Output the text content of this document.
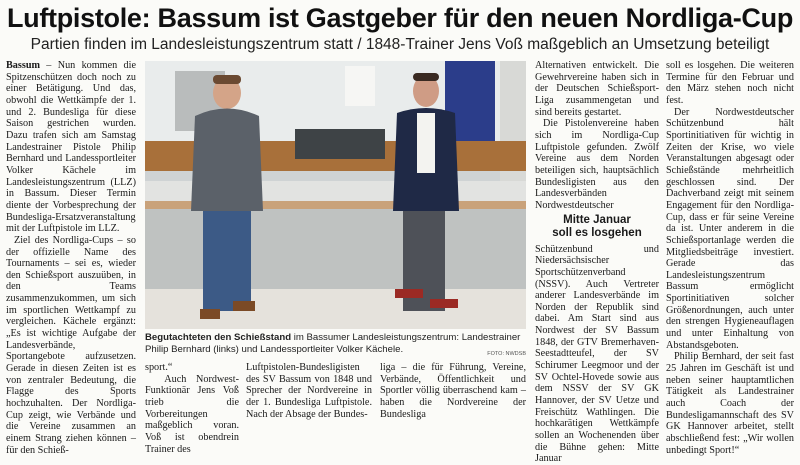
Luftpistole: Bassum ist Gastgeber für den neuen Nordliga-Cup
Partien finden im Landesleistungszentrum statt / 1848-Trainer Jens Voß maßgeblich an Umsetzung beteiligt

Bassum – Nun kommen die Spitzenschützen doch noch zu einer Betätigung. Und das, obwohl die Wettkämpfe der 1. und 2. Bundesliga für diese Saison gestrichen wurden. Dazu trafen sich am Samstag Landestrainer Pistole Philip Bernhard und Landessportleiter Volker Kächele im Landesleistungszentrum (LLZ) in Bassum. Dieser Termin diente der Vorbesprechung der Bundesliga-Ersatzveranstaltung mit der Luftpistole im LLZ.

Ziel des Nordliga-Cups – so der offizielle Name des Tournaments – sei es, wieder den Schießsport auszuüben, in den Teams zusammenzukommen, um sich im sportlichen Wettkampf zu vergleichen. Kächele ergänzt: „Es ist wichtige Aufgabe der Landesverbände, Sportangebote aufzusetzen. Gerade in diesen Zeiten ist es von zentraler Bedeutung, die Flagge des Sports hochzuhalten. Der Nordliga-Cup zeigt, wie Verbände und die Vereine zusammen an einem Strang ziehen können – für den Schieß-

Begutachteten den Schießstand im Bassumer Landesleistungszentrum: Landestrainer Philip Bernhard (links) und Landessportleiter Volker Kächele.	FOTO: NWDSB

sport.“
Auch Nordwest-Funktionär Jens Voß trieb die Vorbereitungen maßgeblich voran. Voß ist obendrein Trainer des

Luftpistolen-Bundesligisten des SV Bassum von 1848 und Sprecher der Nordvereine in der 1. Bundesliga Luftpistole. Nach der Absage der Bundes-

liga – die für Führung, Vereine, Verbände, Öffentlichkeit und Sportler völlig überraschend kam – haben die Nordvereine der Bundesliga

Alternativen entwickelt. Die Gewehrvereine haben sich in der Deutschen Schießsport-Liga zusammengetan und sind bereits gestartet.

Die Pistolenvereine haben sich im Nordliga-Cup Luftpistole gefunden. Zwölf Vereine aus dem Norden beteiligen sich, hauptsächlich Bundesligisten aus den Landesverbänden Nordwestdeutscher

Mitte Januar
soll es losgehen

Schützenbund und Niedersächsischer Sportschützenverband (NSSV). Auch Vertreter anderer Landesverbände im Norden der Republik sind dabei. Am Start sind aus Nordwest der SV Bassum 1848, der GTV Bremerhaven-Seestadtteufel, der SV Schirumer Leegmoor und der SV Ochtel-Hovede sowie aus dem NSSV der SV GK Hannover, der SV Uetze und Freischütz Wathlingen. Die hochkarätigen Wettkämpfe sollen an Wochenenden über die Bühne gehen: Mitte Januar

soll es losgehen. Die weiteren Termine für den Februar und den März stehen noch nicht fest.

Der Nordwestdeutscher Schützenbund hält Sportinitiativen für wichtig in Zeiten der Krise, wo viele Veranstaltungen abgesagt oder Schießstände mehrheitlich geschlossen sind. Der Dachverband zeigt mit seinem Engagement für den Nordliga-Cup, dass er für seine Vereine da ist. Unter anderem in die Schießsportanlage werden die Mitgliedsbeiträge investiert. Gerade das Landesleistungszentrum Bassum ermöglicht Sportinitiativen solcher Größenordnungen, auch unter den strengen Hygieneauflagen und unter Einhaltung von Abstandsgeboten.

Philip Bernhard, der seit fast 25 Jahren im Geschäft ist und neben seiner hauptamtlichen Tätigkeit als Landestrainer auch Coach der Bundesligamannschaft des SV GK Hannover arbeitet, stellt abschließend fest: „Wir wollen unbedingt Sport!“
